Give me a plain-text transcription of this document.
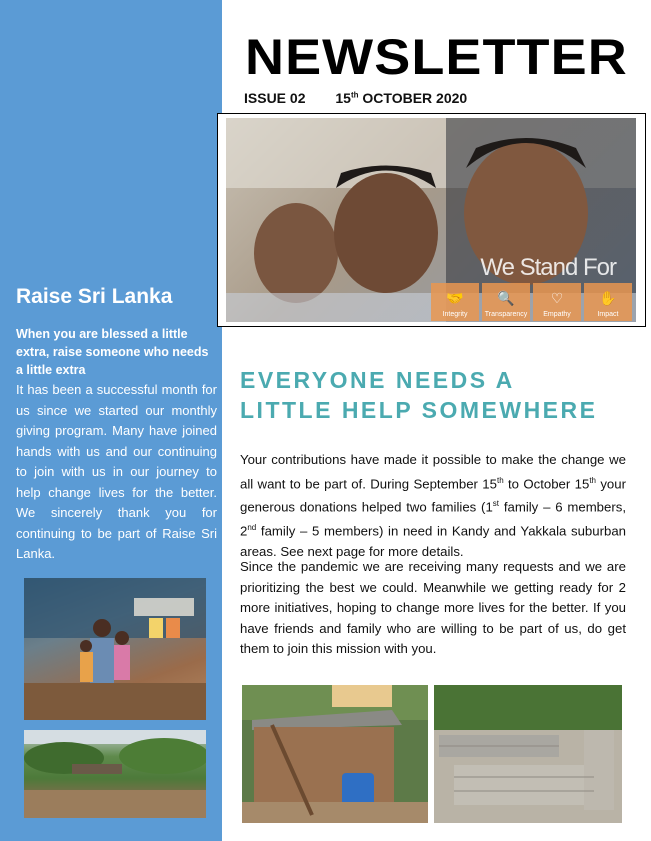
Raise Sri Lanka
When you are blessed a little extra, raise someone who needs a little extra
It has been a successful month for us since we started our monthly giving program. Many have joined hands with us and our continuing to join with us in our journey to help change lives for the better. We sincerely thank you for continuing to be part of Raise Sri Lanka.
NEWSLETTER
ISSUE 02 15th OCTOBER 2020
We Stand For
🤝
Integrity
🔍
Transparency
♡
Empathy
✋
Impact
EVERYONE NEEDS A
LITTLE HELP SOMEWHERE
Your contributions have made it possible to make the change we all want to be part of. During September 15th to October 15th your generous donations helped two families (1st family – 6 members, 2nd family – 5 members) in need in Kandy and Yakkala suburban areas. See next page for more details.
Since the pandemic we are receiving many requests and we are prioritizing the best we could. Meanwhile we getting ready for 2 more initiatives, hoping to change more lives for the better. If you have friends and family who are willing to be part of us, do get them to join this mission with you.
